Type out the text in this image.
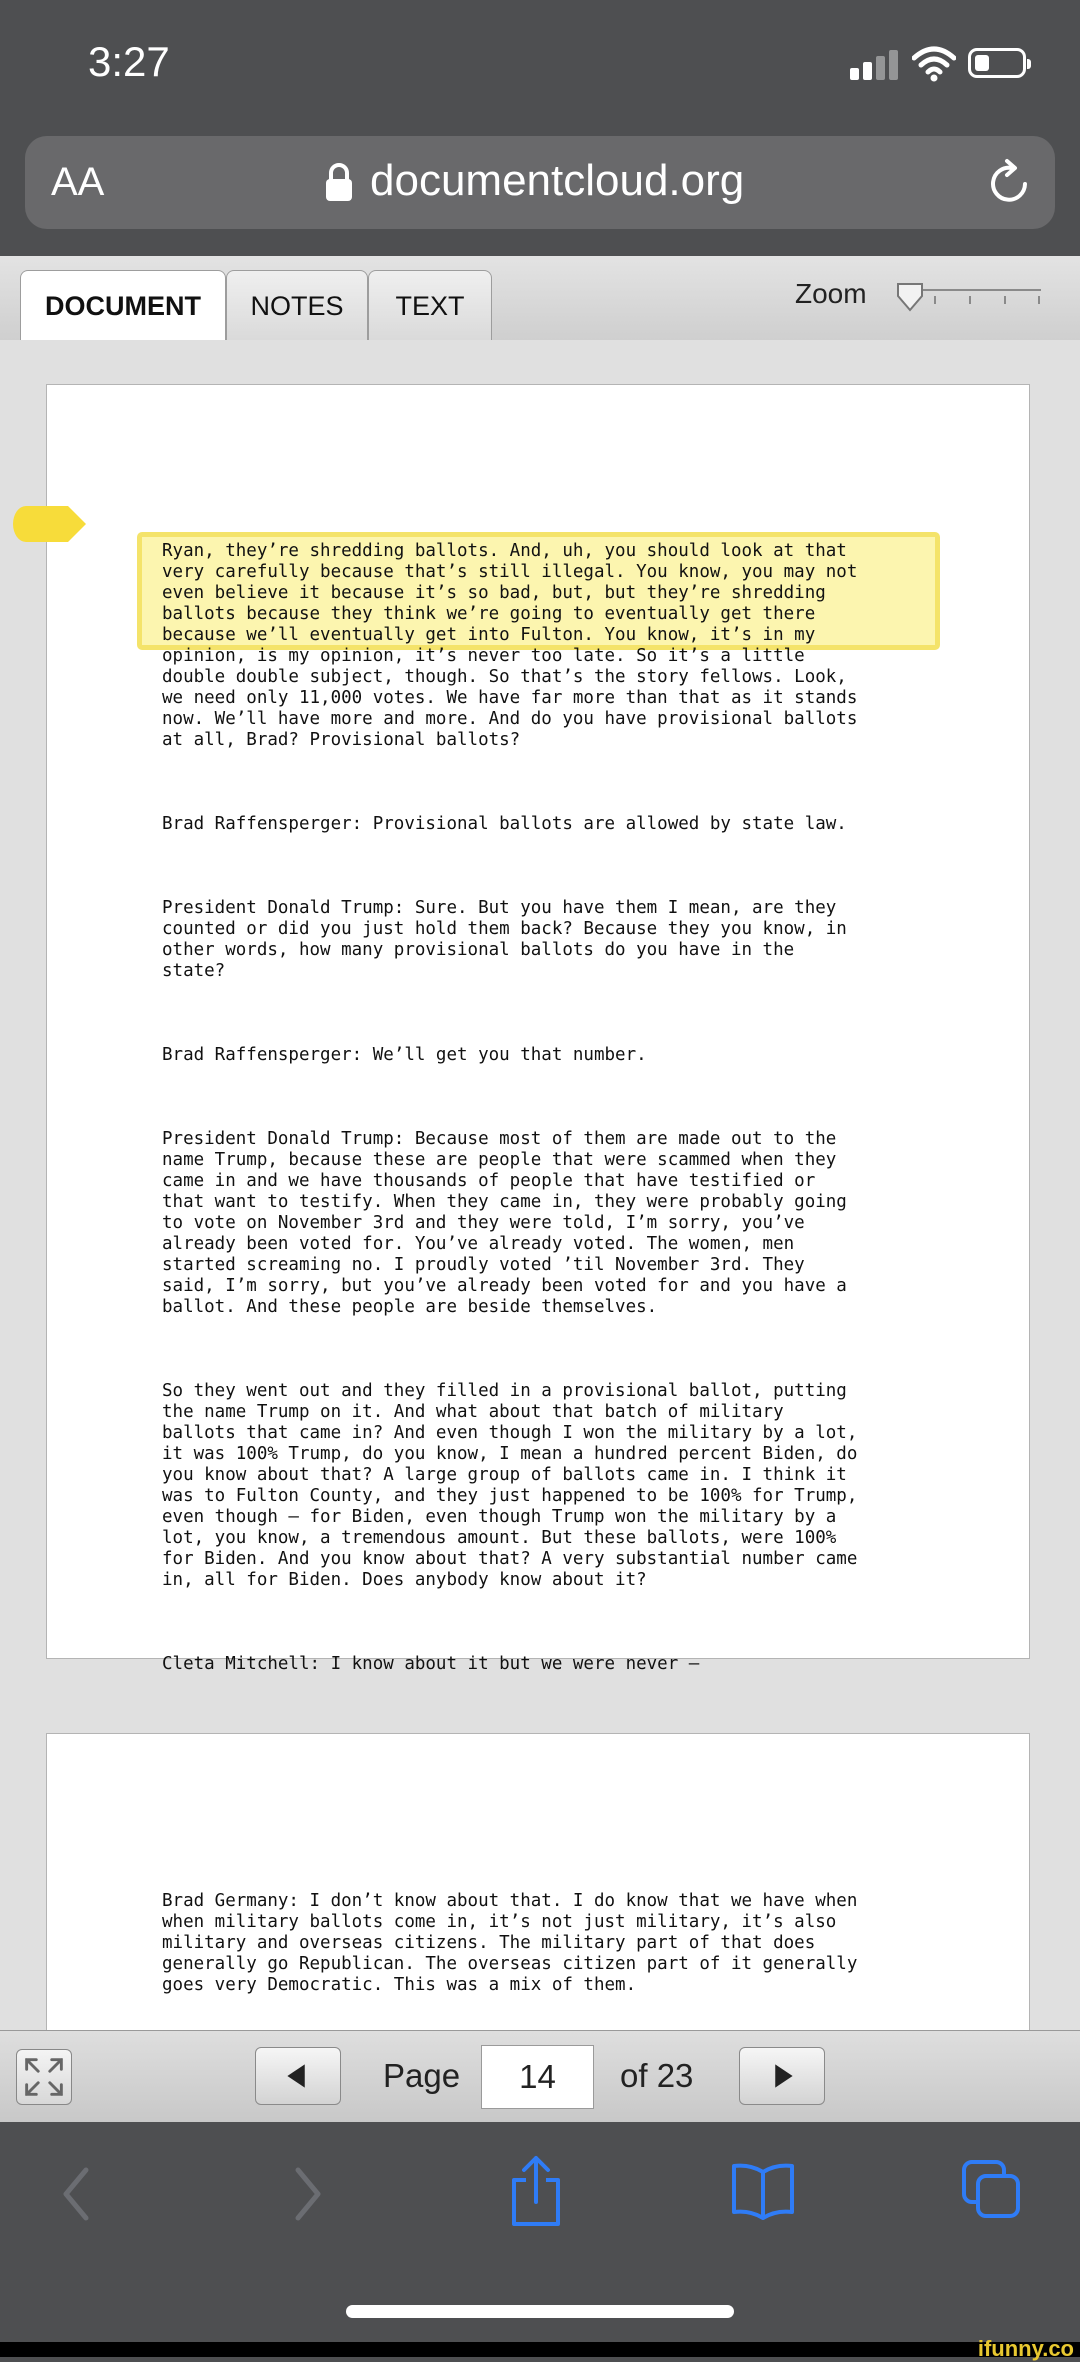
3:27
AA	documentcloud.org
DOCUMENT	NOTES	TEXT	Zoom

Ryan, they’re shredding ballots. And, uh, you should look at that
very carefully because that’s still illegal. You know, you may not
even believe it because it’s so bad, but, but they’re shredding
ballots because they think we’re going to eventually get there
because we’ll eventually get into Fulton. You know, it’s in my
opinion, is my opinion, it’s never too late. So it’s a little
double double subject, though. So that’s the story fellows. Look,
we need only 11,000 votes. We have far more than that as it stands
now. We’ll have more and more. And do you have provisional ballots
at all, Brad? Provisional ballots?

Brad Raffensperger: Provisional ballots are allowed by state law.

President Donald Trump: Sure. But you have them I mean, are they
counted or did you just hold them back? Because they you know, in
other words, how many provisional ballots do you have in the
state?

Brad Raffensperger: We’ll get you that number.

President Donald Trump: Because most of them are made out to the
name Trump, because these are people that were scammed when they
came in and we have thousands of people that have testified or
that want to testify. When they came in, they were probably going
to vote on November 3rd and they were told, I’m sorry, you’ve
already been voted for. You’ve already voted. The women, men
started screaming no. I proudly voted ’til November 3rd. They
said, I’m sorry, but you’ve already been voted for and you have a
ballot. And these people are beside themselves.

So they went out and they filled in a provisional ballot, putting
the name Trump on it. And what about that batch of military
ballots that came in? And even though I won the military by a lot,
it was 100% Trump, do you know, I mean a hundred percent Biden, do
you know about that? A large group of ballots came in. I think it
was to Fulton County, and they just happened to be 100% for Trump,
even though – for Biden, even though Trump won the military by a
lot, you know, a tremendous amount. But these ballots, were 100%
for Biden. And you know about that? A very substantial number came
in, all for Biden. Does anybody know about it?

Cleta Mitchell: I know about it but we were never –

Brad Germany: I don’t know about that. I do know that we have when
when military ballots come in, it’s not just military, it’s also
military and overseas citizens. The military part of that does
generally go Republican. The overseas citizen part of it generally
goes very Democratic. This was a mix of them.

Page	14	of 23
ifunny.co
